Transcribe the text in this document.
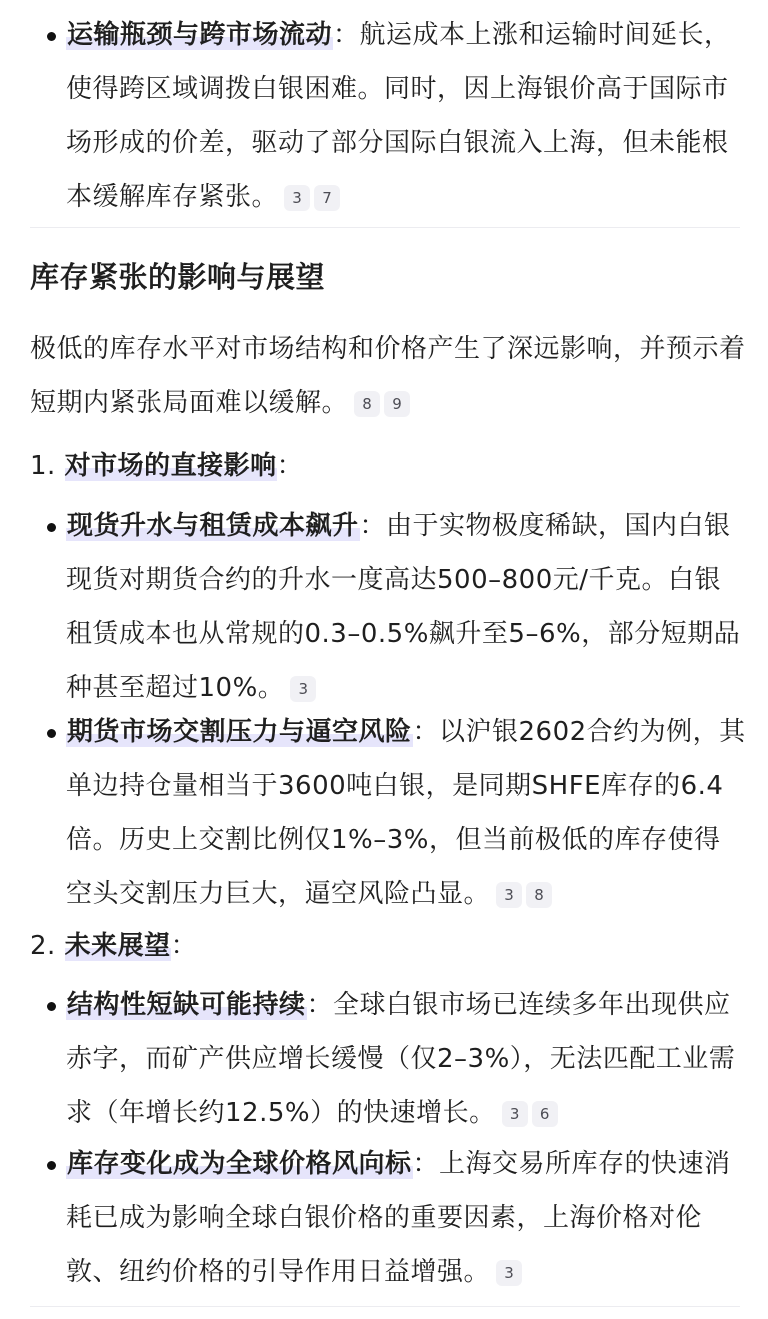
运输瓶颈与跨市场流动：航运成本上涨和运输时间延长，使得跨区域调拨白银困难。同时，因上海银价高于国际市场形成的价差，驱动了部分国际白银流入上海，但未能根本缓解库存紧张。 3 7
库存紧张的影响与展望
极低的库存水平对市场结构和价格产生了深远影响，并预示着短期内紧张局面难以缓解。 8 9
1. 对市场的直接影响：
现货升水与租赁成本飙升：由于实物极度稀缺，国内白银现货对期货合约的升水一度高达500–800元/千克。白银租赁成本也从常规的0.3–0.5%飙升至5–6%，部分短期品种甚至超过10%。 3
期货市场交割压力与逼空风险：以沪银2602合约为例，其单边持仓量相当于3600吨白银，是同期SHFE库存的6.4倍。历史上交割比例仅1%–3%，但当前极低的库存使得空头交割压力巨大，逼空风险凸显。 3 8
2. 未来展望：
结构性短缺可能持续：全球白银市场已连续多年出现供应赤字，而矿产供应增长缓慢（仅2–3%），无法匹配工业需求（年增长约12.5%）的快速增长。 3 6
库存变化成为全球价格风向标：上海交易所库存的快速消耗已成为影响全球白银价格的重要因素，上海价格对伦敦、纽约价格的引导作用日益增强。 3
